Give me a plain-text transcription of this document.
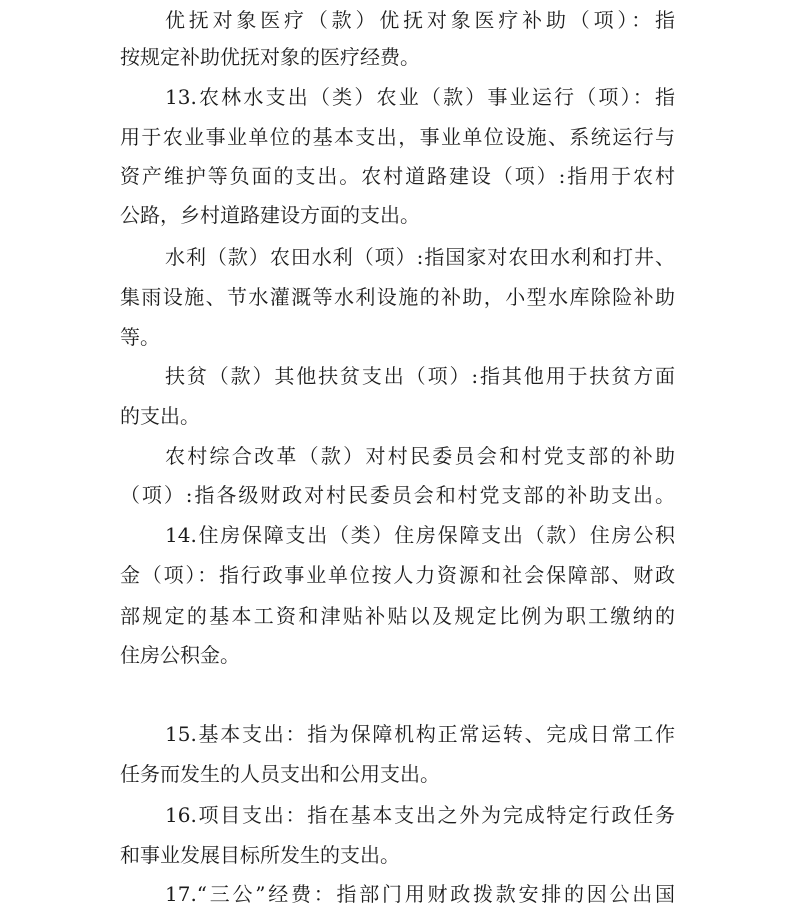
优抚对象医疗（款）优抚对象医疗补助（项）：指
按规定补助优抚对象的医疗经费。
13.农林水支出（类）农业（款）事业运行（项）：指
用于农业事业单位的基本支出，事业单位设施、系统运行与
资产维护等负面的支出。农村道路建设（项）:指用于农村
公路，乡村道路建设方面的支出。
水利（款）农田水利（项）:指国家对农田水利和打井、
集雨设施、节水灌溉等水利设施的补助，小型水库除险补助
等。
扶贫（款）其他扶贫支出（项）:指其他用于扶贫方面
的支出。
农村综合改革（款）对村民委员会和村党支部的补助
（项）:指各级财政对村民委员会和村党支部的补助支出。
14.住房保障支出（类）住房保障支出（款）住房公积
金（项）：指行政事业单位按人力资源和社会保障部、财政
部规定的基本工资和津贴补贴以及规定比例为职工缴纳的
住房公积金。
15.基本支出：指为保障机构正常运转、完成日常工作
任务而发生的人员支出和公用支出。
16.项目支出：指在基本支出之外为完成特定行政任务
和事业发展目标所发生的支出。
17.“三公”经费：指部门用财政拨款安排的因公出国
